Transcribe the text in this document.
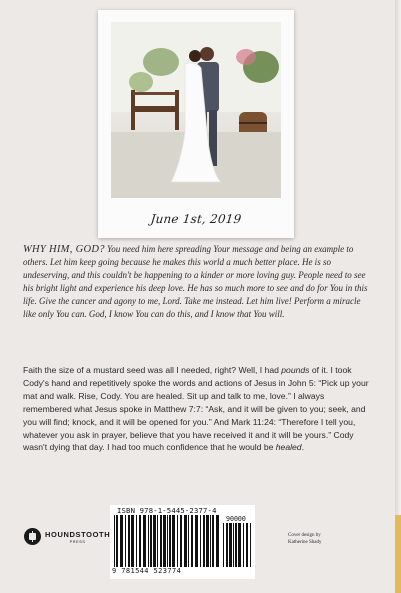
June 1st, 2019

WHY HIM, GOD? You need him here spreading Your message and being an example to others. Let him keep going because he makes this world a much better place. He is so undeserving, and this couldn't be happening to a kinder or more loving guy. People need to see his bright light and experience his deep love. He has so much more to see and do for You in this life. Give the cancer and agony to me, Lord. Take me instead. Let him live! Perform a miracle like only You can. God, I know You can do this, and I know that You will.

Faith the size of a mustard seed was all I needed, right? Well, I had pounds of it. I took Cody's hand and repetitively spoke the words and actions of Jesus in John 5: “Pick up your mat and walk. Rise, Cody. You are healed. Sit up and talk to me, love.” I always remembered what Jesus spoke in Matthew 7:7: “Ask, and it will be given to you; seek, and you will find; knock, and it will be opened for you.” And Mark 11:24: “Therefore I tell you, whatever you ask in prayer, believe that you have received it and it will be yours.” Cody wasn't dying that day. I had too much confidence that he would be healed.

HOUNDSTOOTH
PRESS
ISBN 978-1-5445-2377-4
90000
9 781544 523774
Cover design by
Katherine Shady
